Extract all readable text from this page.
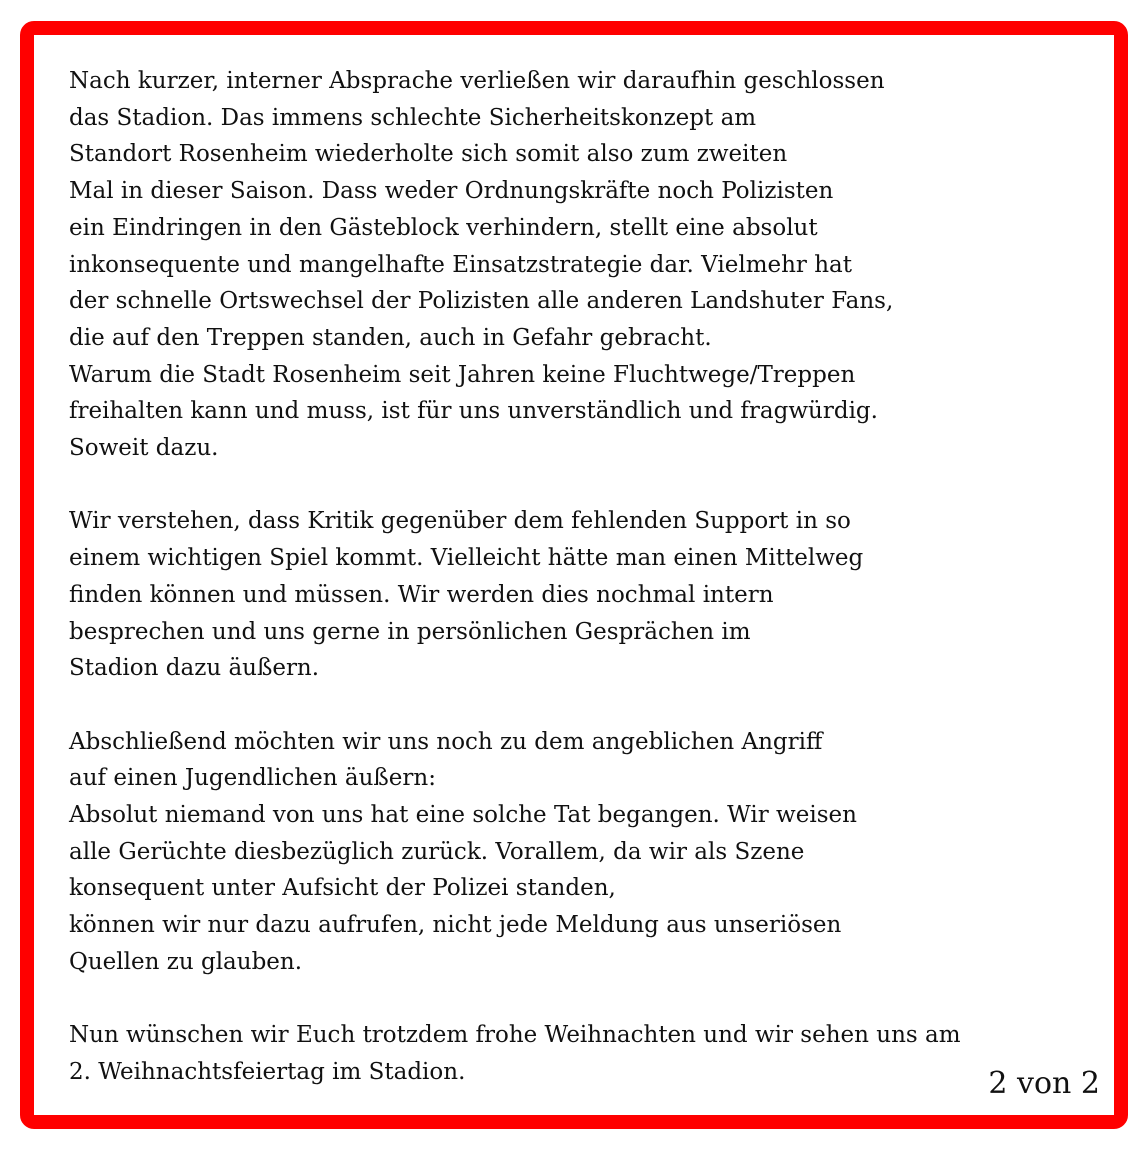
Nach kurzer, interner Absprache verließen wir daraufhin geschlossen
das Stadion. Das immens schlechte Sicherheitskonzept am
Standort Rosenheim wiederholte sich somit also zum zweiten
Mal in dieser Saison. Dass weder Ordnungskräfte noch Polizisten
ein Eindringen in den Gästeblock verhindern, stellt eine absolut
inkonsequente und mangelhafte Einsatzstrategie dar. Vielmehr hat
der schnelle Ortswechsel der Polizisten alle anderen Landshuter Fans,
die auf den Treppen standen, auch in Gefahr gebracht.
Warum die Stadt Rosenheim seit Jahren keine Fluchtwege/Treppen
freihalten kann und muss, ist für uns unverständlich und fragwürdig.
Soweit dazu.
Wir verstehen, dass Kritik gegenüber dem fehlenden Support in so
einem wichtigen Spiel kommt. Vielleicht hätte man einen Mittelweg
finden können und müssen. Wir werden dies nochmal intern
besprechen und uns gerne in persönlichen Gesprächen im
Stadion dazu äußern.
Abschließend möchten wir uns noch zu dem angeblichen Angriff
auf einen Jugendlichen äußern:
Absolut niemand von uns hat eine solche Tat begangen. Wir weisen
alle Gerüchte diesbezüglich zurück. Vorallem, da wir als Szene
konsequent unter Aufsicht der Polizei standen,
können wir nur dazu aufrufen, nicht jede Meldung aus unseriösen
Quellen zu glauben.
Nun wünschen wir Euch trotzdem frohe Weihnachten und wir sehen uns am
2. Weihnachtsfeiertag im Stadion.	2 von 2
